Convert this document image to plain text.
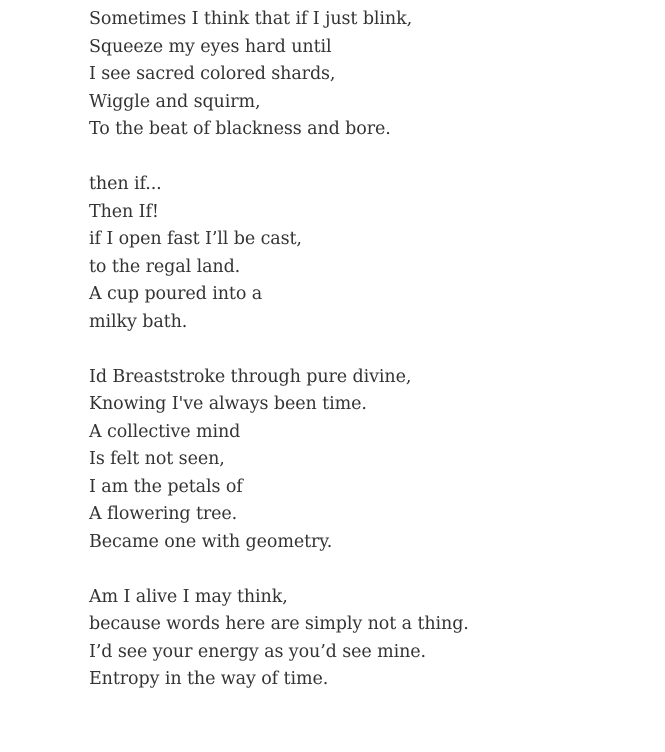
Sometimes I think that if I just blink,
Squeeze my eyes hard until
I see sacred colored shards,
Wiggle and squirm,
To the beat of blackness and bore.
then if...
Then If!
if I open fast I’ll be cast,
to the regal land.
A cup poured into a
milky bath.
Id Breaststroke through pure divine,
Knowing I've always been time.
A collective mind
Is felt not seen,
I am the petals of
A flowering tree.
Became one with geometry.
Am I alive I may think,
because words here are simply not a thing.
I’d see your energy as you’d see mine.
Entropy in the way of time.
